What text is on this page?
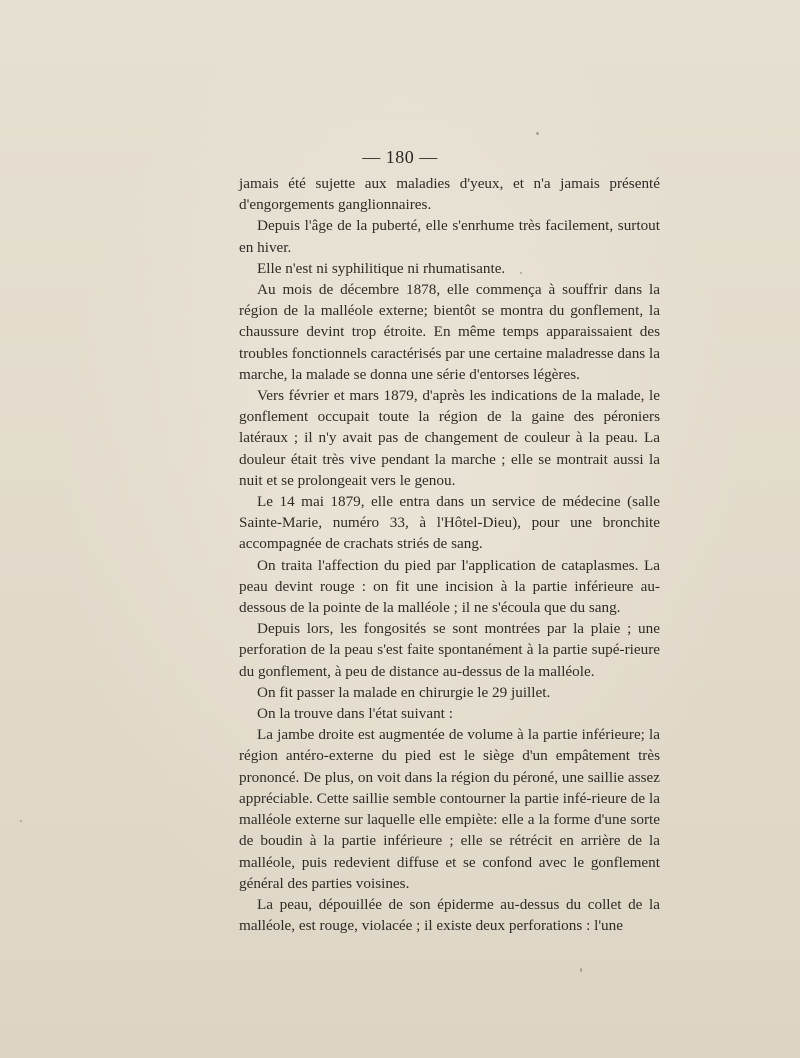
— 180 —

jamais été sujette aux maladies d'yeux, et n'a jamais présenté d'engorgements ganglionnaires.

Depuis l'âge de la puberté, elle s'enrhume très facilement, surtout en hiver.

Elle n'est ni syphilitique ni rhumatisante.

Au mois de décembre 1878, elle commença à souffrir dans la région de la malléole externe; bientôt se montra du gonflement, la chaussure devint trop étroite. En même temps apparaissaient des troubles fonctionnels caractérisés par une certaine maladresse dans la marche, la malade se donna une série d'entorses légères.

Vers février et mars 1879, d'après les indications de la malade, le gonflement occupait toute la région de la gaine des péroniers latéraux ; il n'y avait pas de changement de couleur à la peau. La douleur était très vive pendant la marche ; elle se montrait aussi la nuit et se prolongeait vers le genou.

Le 14 mai 1879, elle entra dans un service de médecine (salle Sainte-Marie, numéro 33, à l'Hôtel-Dieu), pour une bronchite accompagnée de crachats striés de sang.

On traita l'affection du pied par l'application de cataplasmes. La peau devint rouge : on fit une incision à la partie inférieure au-dessous de la pointe de la malléole ; il ne s'écoula que du sang.

Depuis lors, les fongosités se sont montrées par la plaie ; une perforation de la peau s'est faite spontanément à la partie supé-rieure du gonflement, à peu de distance au-dessus de la malléole.

On fit passer la malade en chirurgie le 29 juillet.

On la trouve dans l'état suivant :

La jambe droite est augmentée de volume à la partie inférieure; la région antéro-externe du pied est le siège d'un empâtement très prononcé. De plus, on voit dans la région du péroné, une saillie assez appréciable. Cette saillie semble contourner la partie infé-rieure de la malléole externe sur laquelle elle empiète: elle a la forme d'une sorte de boudin à la partie inférieure ; elle se rétrécit en arrière de la malléole, puis redevient diffuse et se confond avec le gonflement général des parties voisines.

La peau, dépouillée de son épiderme au-dessus du collet de la malléole, est rouge, violacée ; il existe deux perforations : l'une
